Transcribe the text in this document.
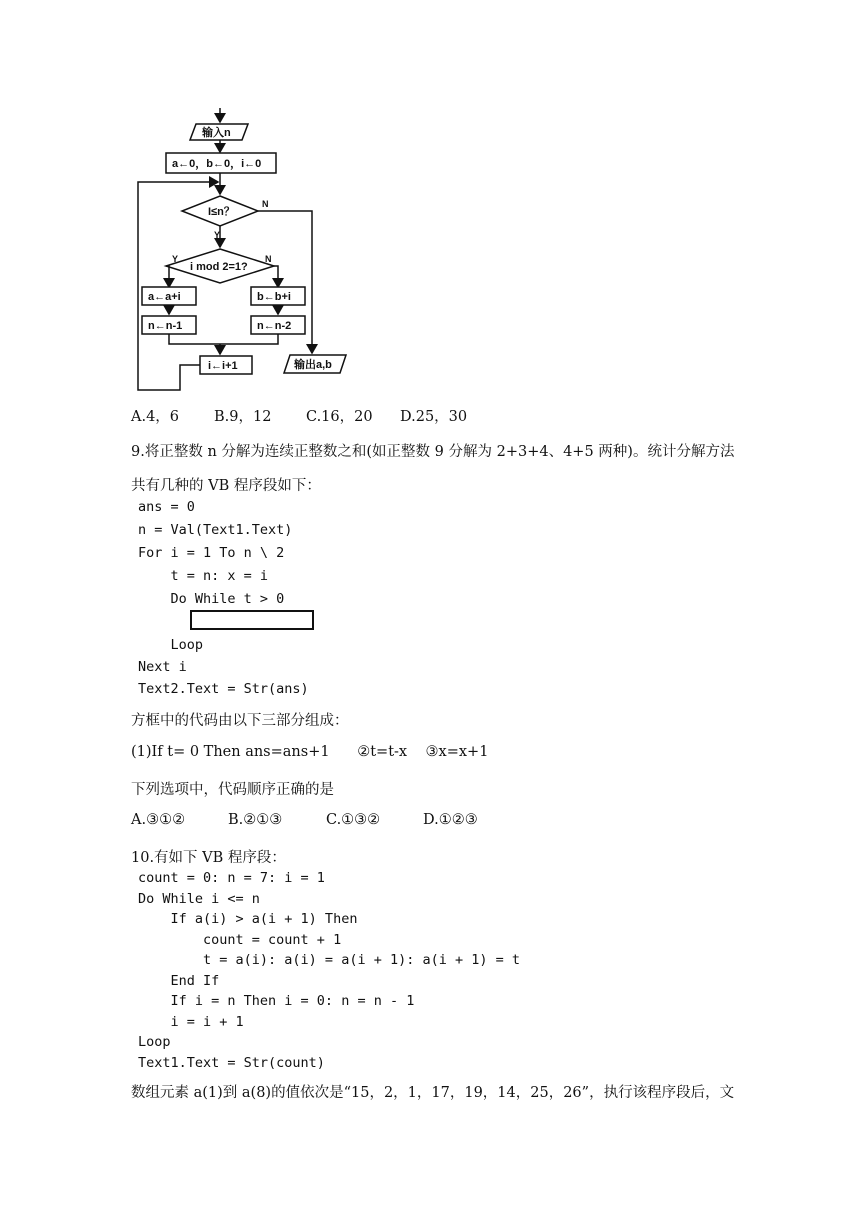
输入n
a←0，b←0，i←0
I≤n？
N
Y
i mod 2=1?
Y	N
a←a+i
n←n-1
b←b+i
n←n-2
i←i+1	输出a,b
A.4，6 B.9，12 C.16，20 D.25，30
9.将正整数 n 分解为连续正整数之和(如正整数 9 分解为 2+3+4、4+5 两种)。统计分解方法
共有几种的 VB 程序段如下：
ans = 0
n = Val(Text1.Text)
For i = 1 To n \ 2
t = n: x = i
Do While t > 0
Loop
Next i
Text2.Text = Str(ans)
方框中的代码由以下三部分组成：
(1)If t= 0 Then ans=ans+1      ②t=t-x    ③x=x+1
下列选项中，代码顺序正确的是
A.③①②	B.②①③	C.①③②	D.①②③
10.有如下 VB 程序段：
count = 0: n = 7: i = 1
Do While i <= n
If a(i) > a(i + 1) Then
count = count + 1
t = a(i): a(i) = a(i + 1): a(i + 1) = t
End If
If i = n Then i = 0: n = n - 1
i = i + 1
Loop
Text1.Text = Str(count)
数组元素 a(1)到 a(8)的值依次是“15，2，1，17，19，14，25，26”，执行该程序段后，文
